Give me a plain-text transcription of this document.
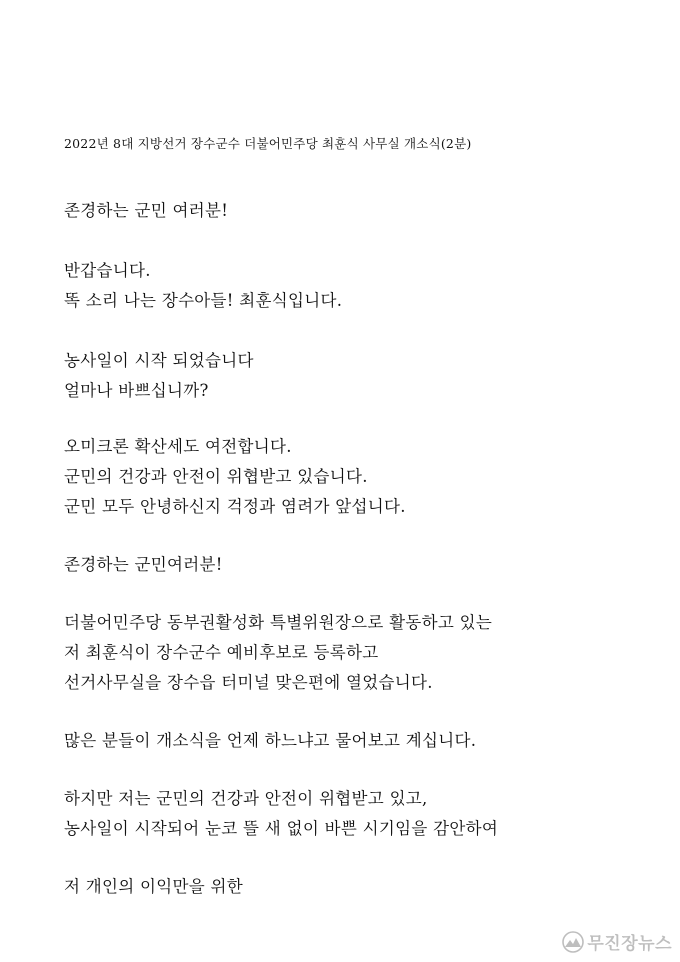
2022년 8대 지방선거 장수군수 더불어민주당 최훈식 사무실 개소식(2분)
존경하는 군민 여러분!
반갑습니다.
똑 소리 나는 장수아들! 최훈식입니다.
농사일이 시작 되었습니다
얼마나 바쁘십니까?
오미크론 확산세도 여전합니다.
군민의 건강과 안전이 위협받고 있습니다.
군민 모두 안녕하신지 걱정과 염려가 앞섭니다.
존경하는 군민여러분!
더불어민주당 동부권활성화 특별위원장으로 활동하고 있는
저 최훈식이 장수군수 예비후보로 등록하고
선거사무실을 장수읍 터미널 맞은편에 열었습니다.
많은 분들이 개소식을 언제 하느냐고 물어보고 계십니다.
하지만 저는 군민의 건강과 안전이 위협받고 있고,
농사일이 시작되어 눈코 뜰 새 없이 바쁜 시기임을 감안하여
저 개인의 이익만을 위한
무진장뉴스
